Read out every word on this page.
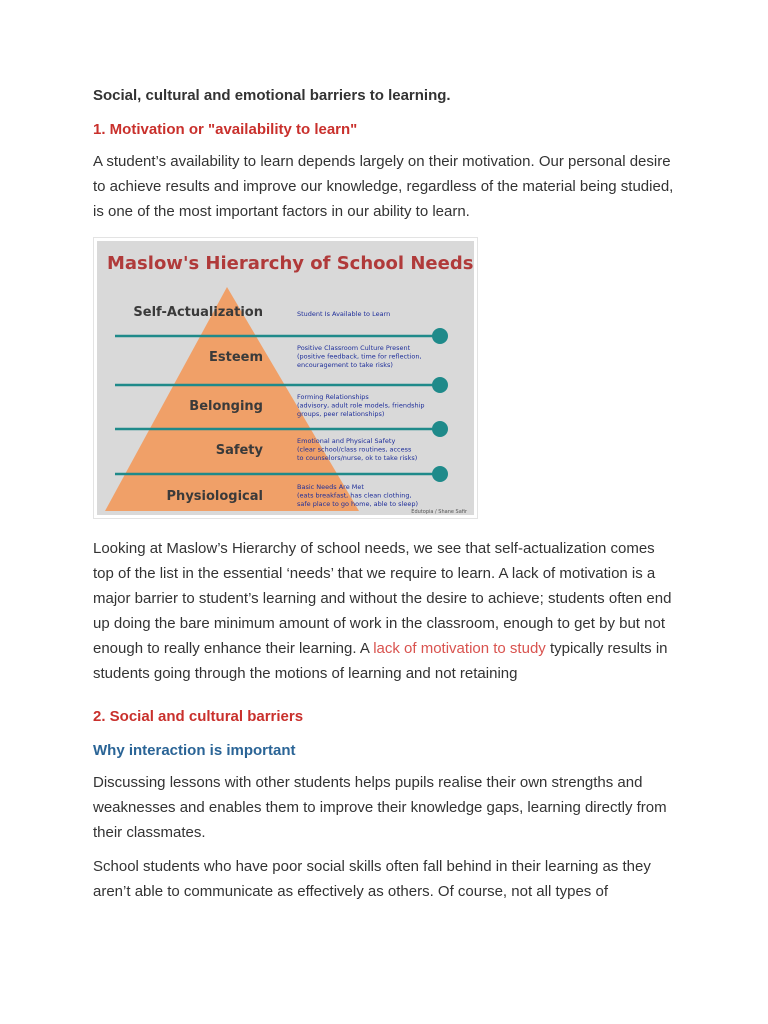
Social, cultural and emotional barriers to learning.
1. Motivation or "availability to learn"

A student’s availability to learn depends largely on their motivation. Our personal desire to achieve results and improve our knowledge, regardless of the material being studied, is one of the most important factors in our ability to learn.

Maslow's Hierarchy of School Needs
Self-Actualization	Student Is Available to Learn
Esteem
Positive Classroom Culture Present
(positive feedback, time for reflection,
encouragement to take risks)
Belonging
Forming Relationships
(advisory, adult role models, friendship
groups, peer relationships)
Safety
Emotional and Physical Safety
(clear school/class routines, access
to counselors/nurse, ok to take risks)
Physiological
Basic Needs Are Met
(eats breakfast, has clean clothing,
safe place to go home, able to sleep)
Edutopia / Shane Safir

Looking at Maslow’s Hierarchy of school needs, we see that self-actualization comes top of the list in the essential ‘needs’ that we require to learn. A lack of motivation is a major barrier to student’s learning and without the desire to achieve; students often end up doing the bare minimum amount of work in the classroom, enough to get by but not enough to really enhance their learning. A lack of motivation to study typically results in students going through the motions of learning and not retaining

2. Social and cultural barriers
Why interaction is important

Discussing lessons with other students helps pupils realise their own strengths and weaknesses and enables them to improve their knowledge gaps, learning directly from their classmates.

School students who have poor social skills often fall behind in their learning as they aren’t able to communicate as effectively as others. Of course, not all types of
